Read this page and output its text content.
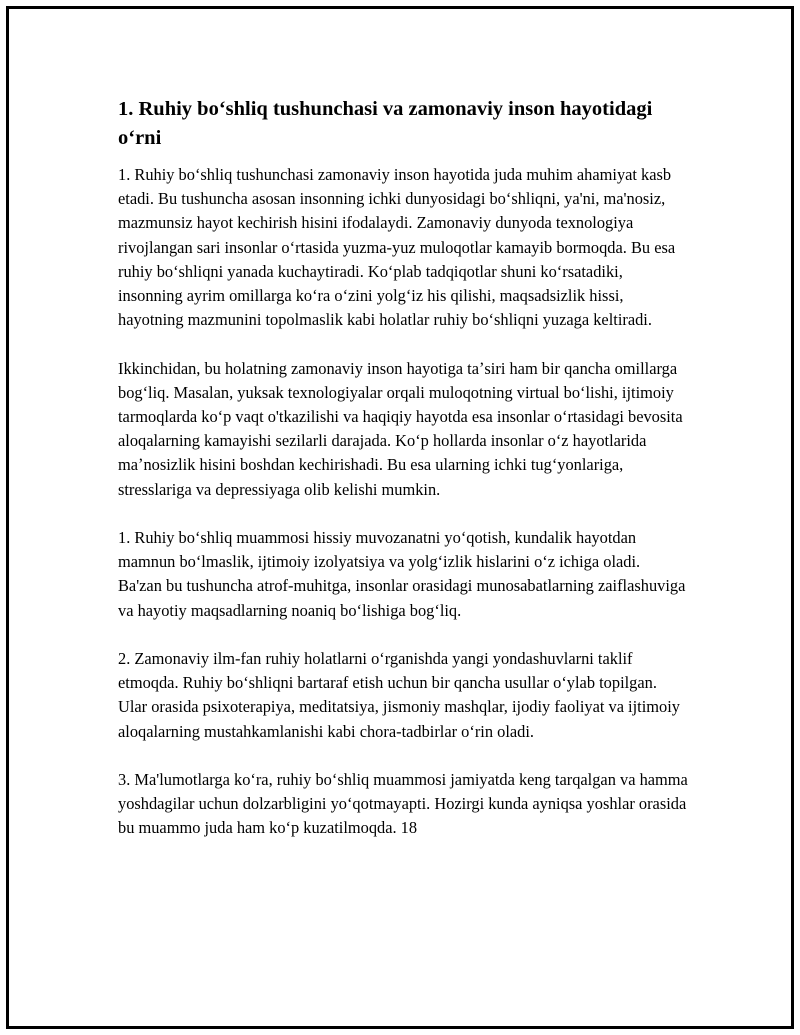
1. Ruhiy boʻshliq tushunchasi va zamonaviy inson hayotidagi oʻrni

1. Ruhiy boʻshliq tushunchasi zamonaviy inson hayotida juda muhim ahamiyat kasb etadi. Bu tushuncha asosan insonning ichki dunyosidagi boʻshliqni, ya'ni, ma'nosiz, mazmunsiz hayot kechirish hisini ifodalaydi. Zamonaviy dunyoda texnologiya rivojlangan sari insonlar oʻrtasida yuzma-yuz muloqotlar kamayib bormoqda. Bu esa ruhiy boʻshliqni yanada kuchaytiradi. Koʻplab tadqiqotlar shuni koʻrsatadiki, insonning ayrim omillarga koʻra oʻzini yolgʻiz his qilishi, maqsadsizlik hissi, hayotning mazmunini topolmaslik kabi holatlar ruhiy boʻshliqni yuzaga keltiradi.

Ikkinchidan, bu holatning zamonaviy inson hayotiga taʼsiri ham bir qancha omillarga bogʻliq. Masalan, yuksak texnologiyalar orqali muloqotning virtual boʻlishi, ijtimoiy tarmoqlarda koʻp vaqt o'tkazilishi va haqiqiy hayotda esa insonlar oʻrtasidagi bevosita aloqalarning kamayishi sezilarli darajada. Koʻp hollarda insonlar oʻz hayotlarida maʼnosizlik hisini boshdan kechirishadi. Bu esa ularning ichki tugʻyonlariga, stresslariga va depressiyaga olib kelishi mumkin.

1. Ruhiy boʻshliq muammosi hissiy muvozanatni yoʻqotish, kundalik hayotdan mamnun boʻlmaslik, ijtimoiy izolyatsiya va yolgʻizlik hislarini oʻz ichiga oladi. Ba'zan bu tushuncha atrof-muhitga, insonlar orasidagi munosabatlarning zaiflashuviga va hayotiy maqsadlarning noaniq boʻlishiga bogʻliq.

2. Zamonaviy ilm-fan ruhiy holatlarni oʻrganishda yangi yondashuvlarni taklif etmoqda. Ruhiy boʻshliqni bartaraf etish uchun bir qancha usullar oʻylab topilgan. Ular orasida psixoterapiya, meditatsiya, jismoniy mashqlar, ijodiy faoliyat va ijtimoiy aloqalarning mustahkamlanishi kabi chora-tadbirlar oʻrin oladi.

3. Ma'lumotlarga koʻra, ruhiy boʻshliq muammosi jamiyatda keng tarqalgan va hamma yoshdagilar uchun dolzarbligini yoʻqotmayapti. Hozirgi kunda ayniqsa yoshlar orasida bu muammo juda ham koʻp kuzatilmoqda. 18
